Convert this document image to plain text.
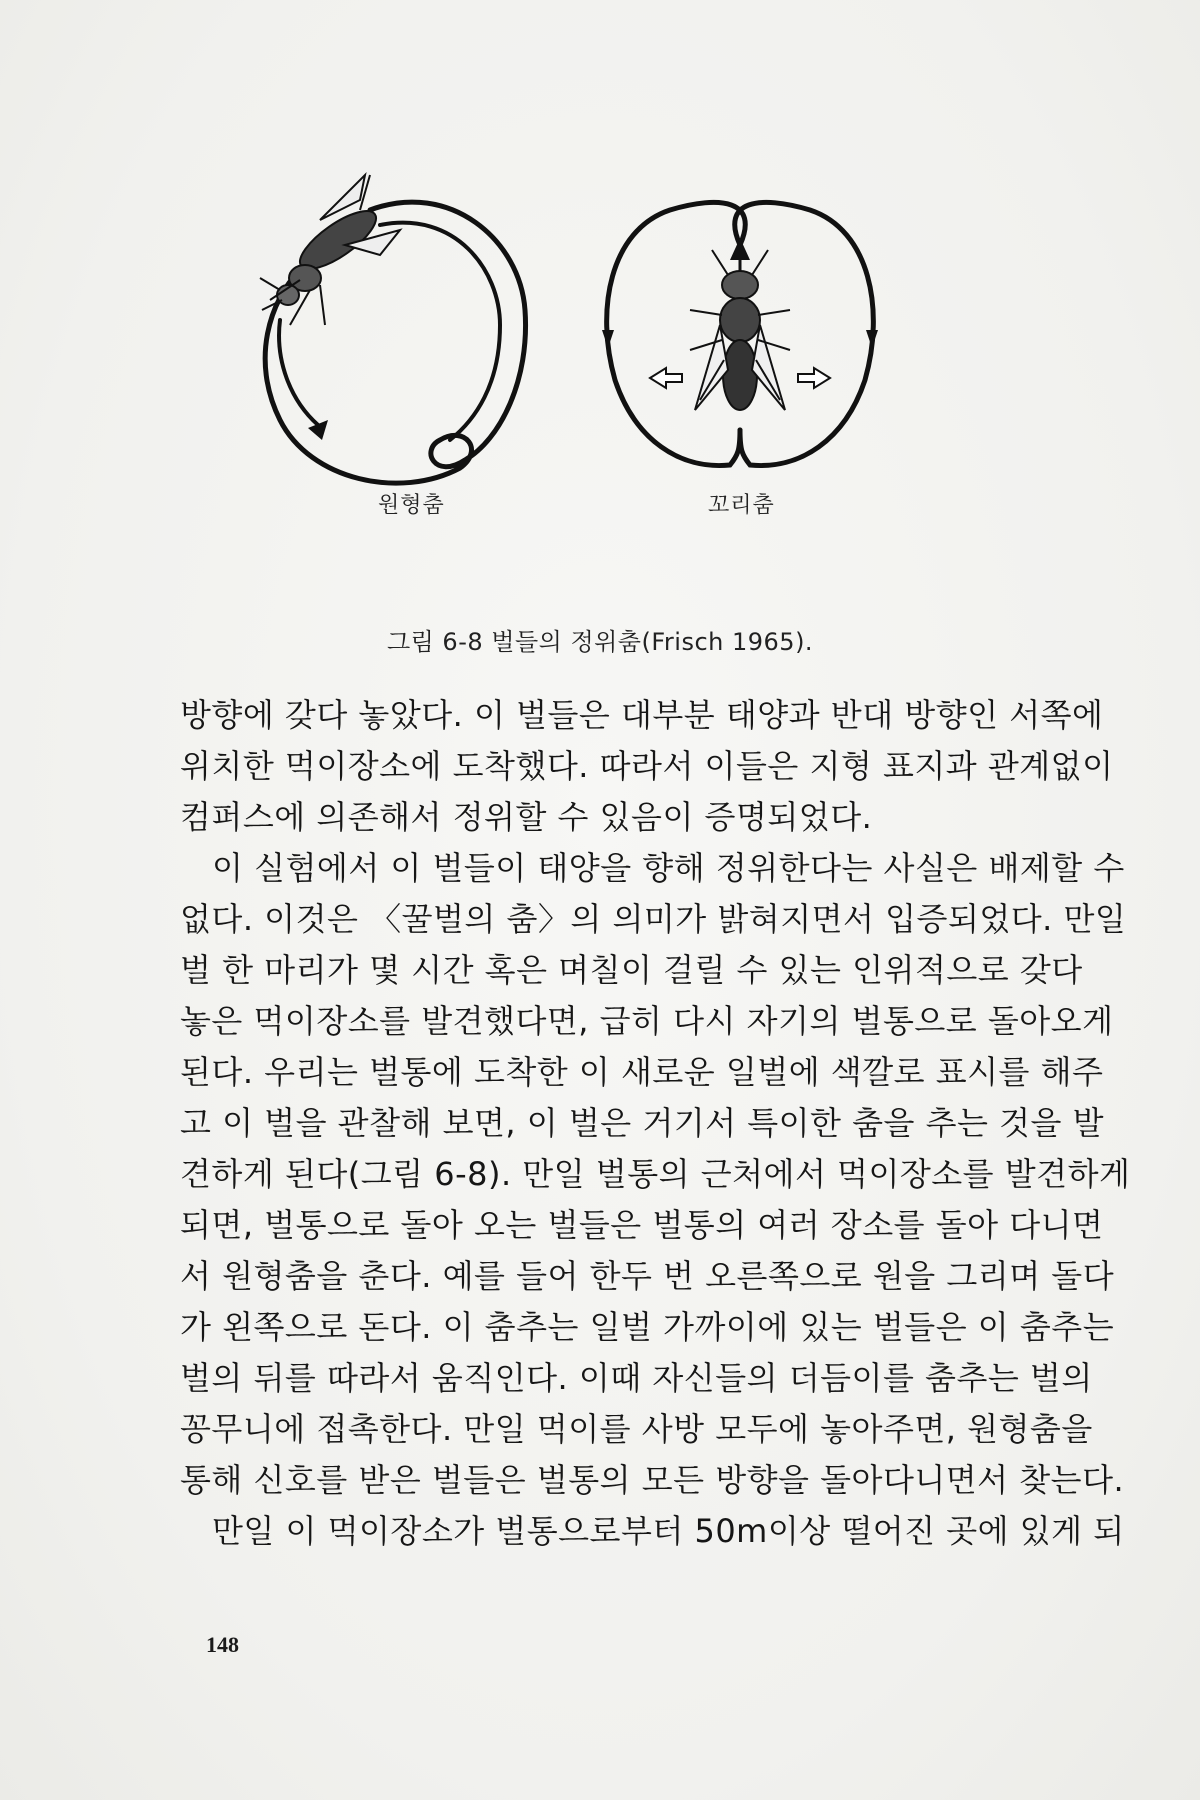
원형춤	꼬리춤
그림 6-8 벌들의 정위춤(Frisch 1965).
방향에 갖다 놓았다. 이 벌들은 대부분 태양과 반대 방향인 서쪽에
위치한 먹이장소에 도착했다. 따라서 이들은 지형 표지과 관계없이
컴퍼스에 의존해서 정위할 수 있음이 증명되었다.
이 실험에서 이 벌들이 태양을 향해 정위한다는 사실은 배제할 수
없다. 이것은 〈꿀벌의 춤〉의 의미가 밝혀지면서 입증되었다. 만일
벌 한 마리가 몇 시간 혹은 며칠이 걸릴 수 있는 인위적으로 갖다
놓은 먹이장소를 발견했다면, 급히 다시 자기의 벌통으로 돌아오게
된다. 우리는 벌통에 도착한 이 새로운 일벌에 색깔로 표시를 해주
고 이 벌을 관찰해 보면, 이 벌은 거기서 특이한 춤을 추는 것을 발
견하게 된다(그림 6-8). 만일 벌통의 근처에서 먹이장소를 발견하게
되면, 벌통으로 돌아 오는 벌들은 벌통의 여러 장소를 돌아 다니면
서 원형춤을 춘다. 예를 들어 한두 번 오른쪽으로 원을 그리며 돌다
가 왼쪽으로 돈다. 이 춤추는 일벌 가까이에 있는 벌들은 이 춤추는
벌의 뒤를 따라서 움직인다. 이때 자신들의 더듬이를 춤추는 벌의
꽁무니에 접촉한다. 만일 먹이를 사방 모두에 놓아주면, 원형춤을
통해 신호를 받은 벌들은 벌통의 모든 방향을 돌아다니면서 찾는다.
만일 이 먹이장소가 벌통으로부터 50m이상 떨어진 곳에 있게 되
148
